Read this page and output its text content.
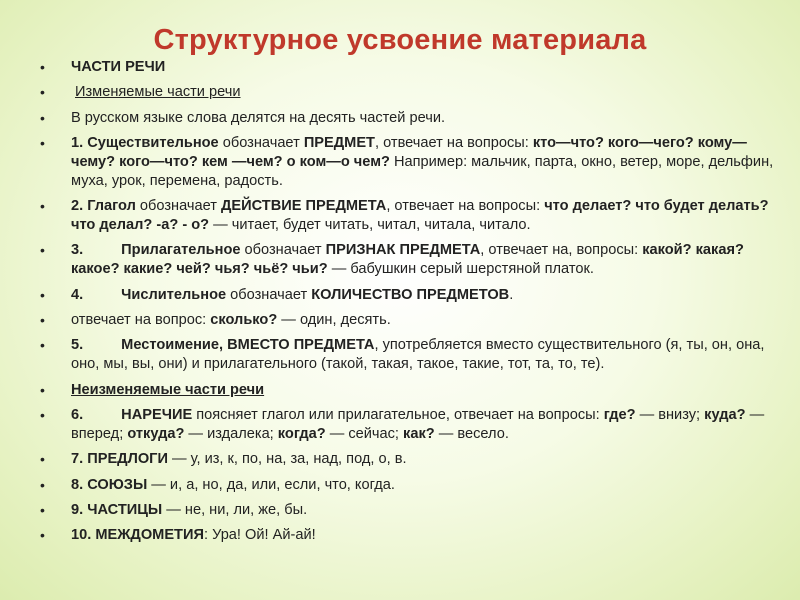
Структурное усвоение материала
• ЧАСТИ РЕЧИ
• Изменяемые части речи
• В русском языке слова делятся на десять частей речи.
• 1. Существительное обозначает ПРЕДМЕТ, отвечает на вопросы: кто—что? кого—чего? кому—чему? кого—что? кем —чем? о ком—о чем? Например: мальчик, парта, окно, ветер, море, дельфин, муха, урок, перемена, радость.
• 2. Глагол обозначает ДЕЙСТВИЕ ПРЕДМЕТА, отвечает на вопросы: что делает? что будет делать? что делал? -а? - о? — читает, будет читать, читал, читала, читало.
• 3.	Прилагательное обозначает ПРИЗНАК ПРЕДМЕТА, отвечает на, вопросы: какой? какая? какое? какие? чей? чья? чьё? чьи? — бабушкин серый шерстяной платок.
• 4.	Числительное обозначает КОЛИЧЕСТВО ПРЕДМЕТОВ.
• отвечает на вопрос: сколько? — один, десять.
• 5.	Местоимение, ВМЕСТО ПРЕДМЕТА, употребляется вместо существительного (я, ты, он, она, оно, мы, вы, они) и прилагательного (такой, такая, такое, такие, тот, та, то, те).
• Неизменяемые части речи
• 6.	НАРЕЧИЕ поясняет глагол или прилагательное, отвечает на вопросы: где? — внизу; куда? — вперед; откуда? — издалека; когда? — сейчас; как? — весело.
• 7. ПРЕДЛОГИ — у, из, к, по, на, за, над, под, о, в.
• 8. СОЮЗЫ — и, а, но, да, или, если, что, когда.
• 9. ЧАСТИЦЫ — не, ни, ли, же, бы.
• 10. МЕЖДОМЕТИЯ: Ура! Ой! Ай-ай!
